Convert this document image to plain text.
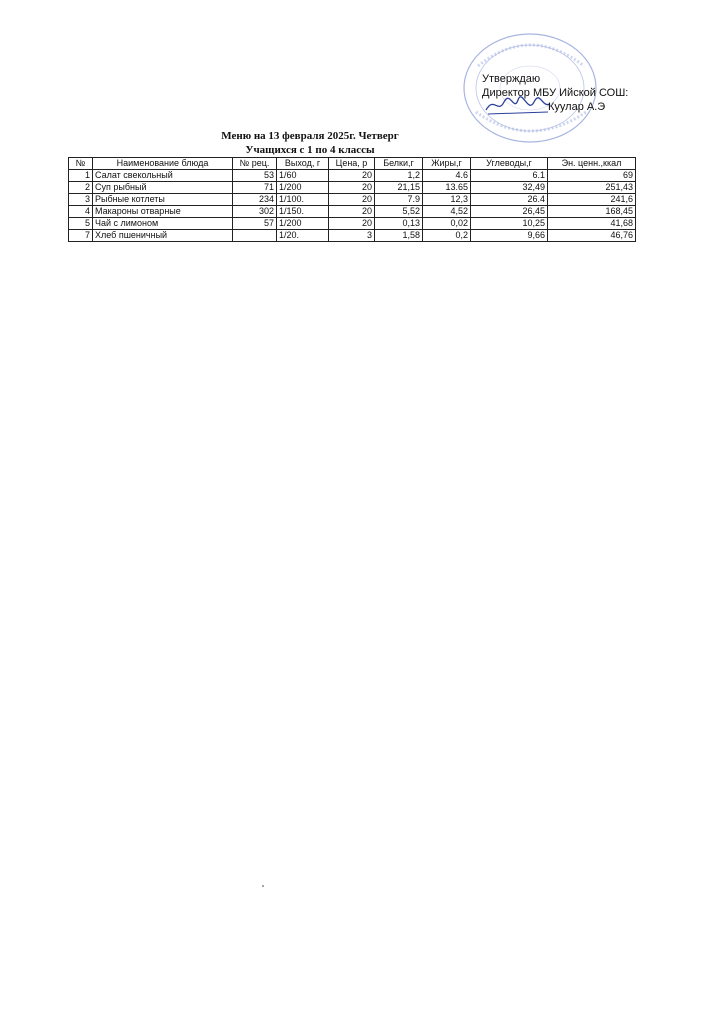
Утверждаю
Директор МБУ Ийской СОШ:
Куулар А.Э
Меню на 13 февраля 2025г. Четверг
Учащихся с 1 по 4 классы
№	Наименование блюда	№ рец.	Выход, г	Цена, р	Белки,г	Жиры,г	Углеводы,г	Эн. ценн.,ккал
1	Салат свекольный	53	1/60	20	1,2	4.6	6.1	69
2	Суп рыбный	71	1/200	20	21,15	13.65	32,49	251,43
3	Рыбные котлеты	234	1/100.	20	7.9	12,3	26.4	241,6
4	Макароны отварные	302	1/150.	20	5,52	4,52	26,45	168,45
5	Чай с лимоном	57	1/200	20	0,13	0,02	10,25	41,68
7	Хлеб пшеничный		1/20.	3	1,58	0,2	9,66	46,76
